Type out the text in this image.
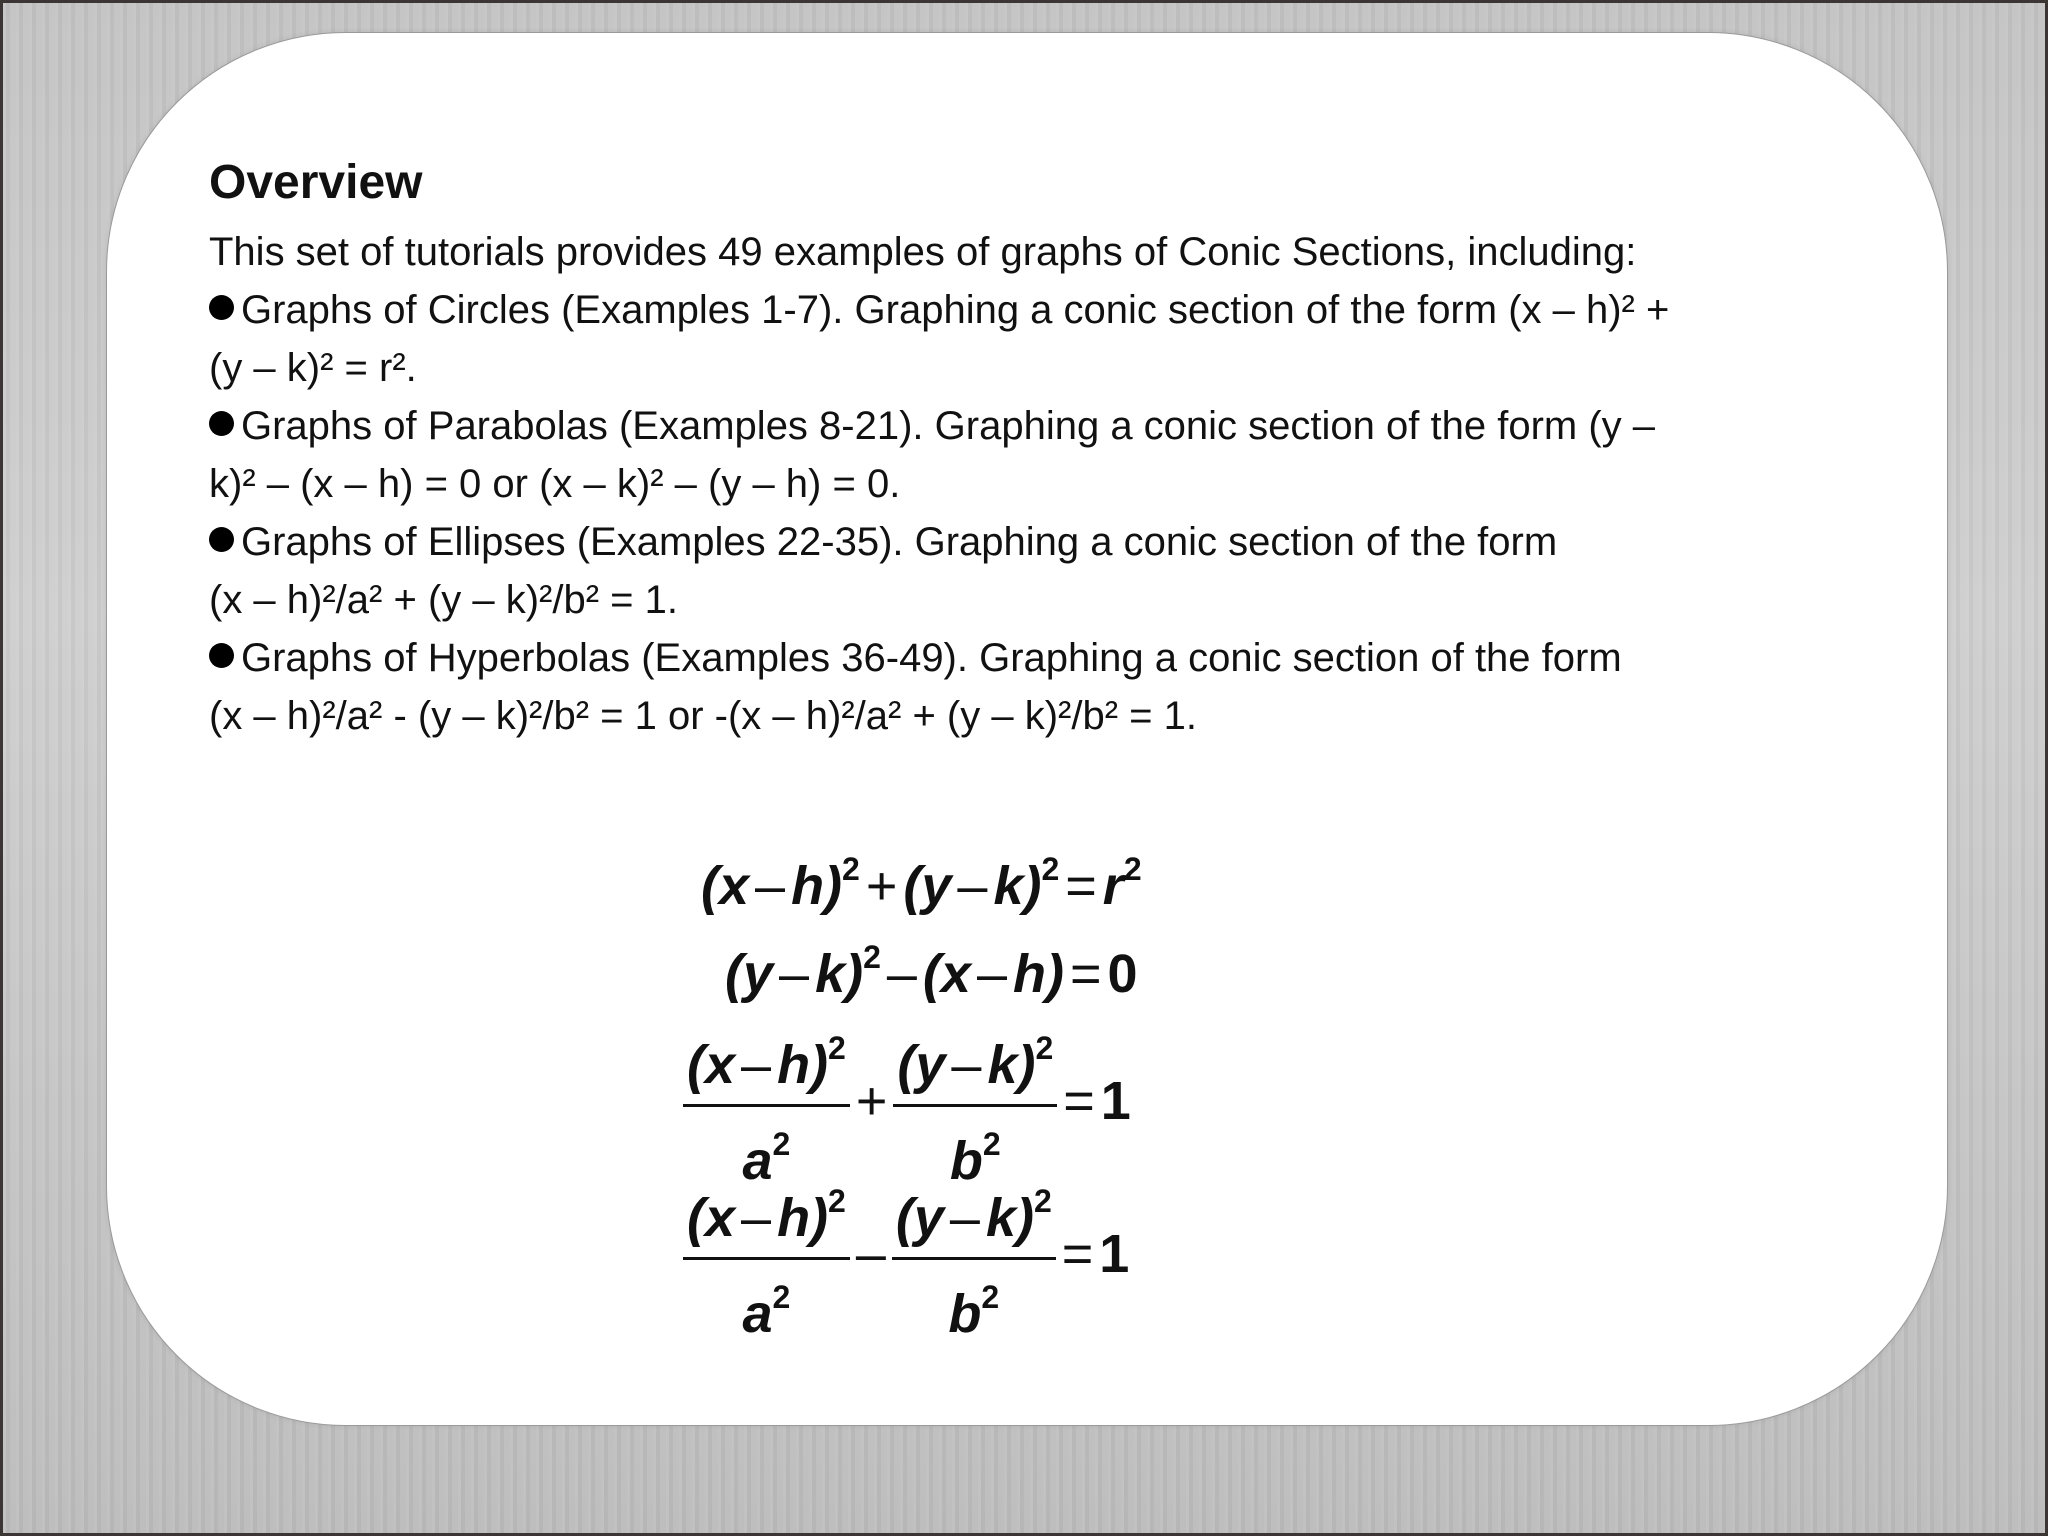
Overview

This set of tutorials provides 49 examples of graphs of Conic Sections, including:

Graphs of Circles (Examples 1-7). Graphing a conic section of the form (x – h)² +

(y – k)² = r².

Graphs of Parabolas (Examples 8-21). Graphing a conic section of the form (y –

k)² – (x – h) = 0 or (x – k)² – (y – h) = 0.

Graphs of Ellipses (Examples 22-35). Graphing a conic section of the form

(x – h)²/a² + (y – k)²/b² = 1.

Graphs of Hyperbolas (Examples 36-49). Graphing a conic section of the form

(x – h)²/a² - (y – k)²/b² = 1 or -(x – h)²/a² + (y – k)²/b² = 1.

$(x - h)^2 + (y - k)^2 = r^2$
(y – k)$^2$ – (x – h) = 0
$\frac{(x - h)^2}{a^2} + \frac{(y - k)^2}{b^2} = 1$
$\frac{(x - h)^2}{a^2} - \frac{(y - k)^2}{b^2} = 1$
